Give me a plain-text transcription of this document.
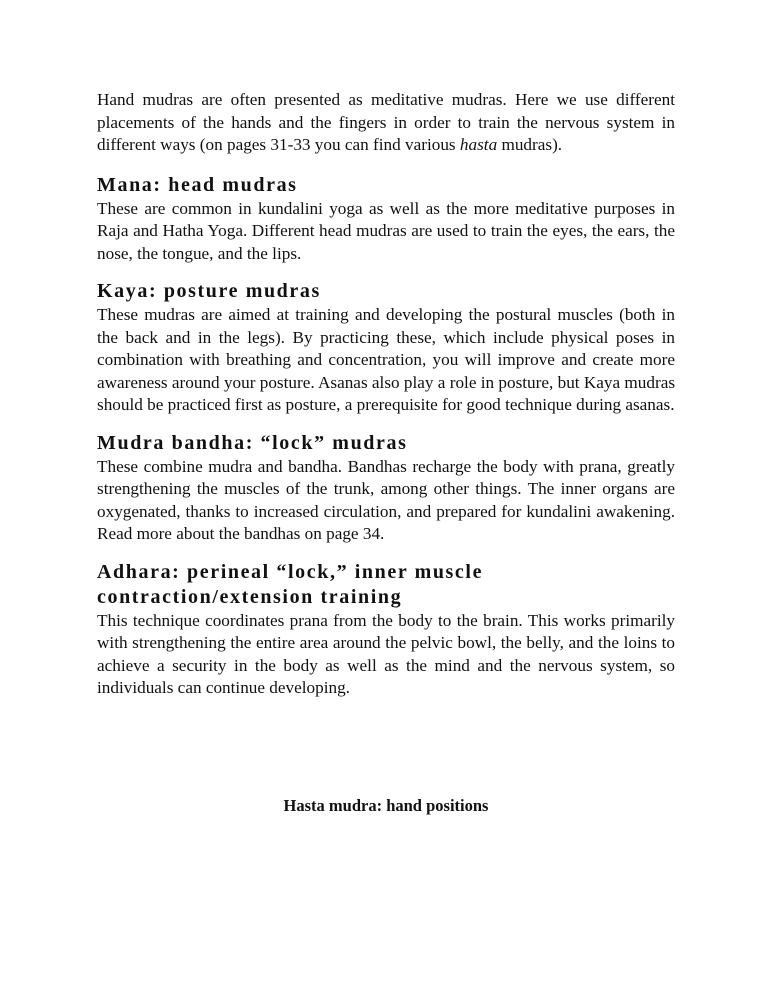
Hand mudras are often presented as meditative mudras. Here we use different placements of the hands and the fingers in order to train the nervous system in different ways (on pages 31-33 you can find various hasta mudras).

Mana: head mudras

These are common in kundalini yoga as well as the more meditative purposes in Raja and Hatha Yoga. Different head mudras are used to train the eyes, the ears, the nose, the tongue, and the lips.

Kaya: posture mudras

These mudras are aimed at training and developing the postural muscles (both in the back and in the legs). By practicing these, which include physical poses in combination with breathing and concentration, you will improve and create more awareness around your posture. Asanas also play a role in posture, but Kaya mudras should be practiced first as posture, a prerequisite for good technique during asanas.

Mudra bandha: “lock” mudras

These combine mudra and bandha. Bandhas recharge the body with prana, greatly strengthening the muscles of the trunk, among other things. The inner organs are oxygenated, thanks to increased circulation, and prepared for kundalini awakening. Read more about the bandhas on page 34.

Adhara: perineal “lock,” inner muscle contraction/extension training

This technique coordinates prana from the body to the brain. This works primarily with strengthening the entire area around the pelvic bowl, the belly, and the loins to achieve a security in the body as well as the mind and the nervous system, so individuals can continue developing.

Hasta mudra: hand positions
